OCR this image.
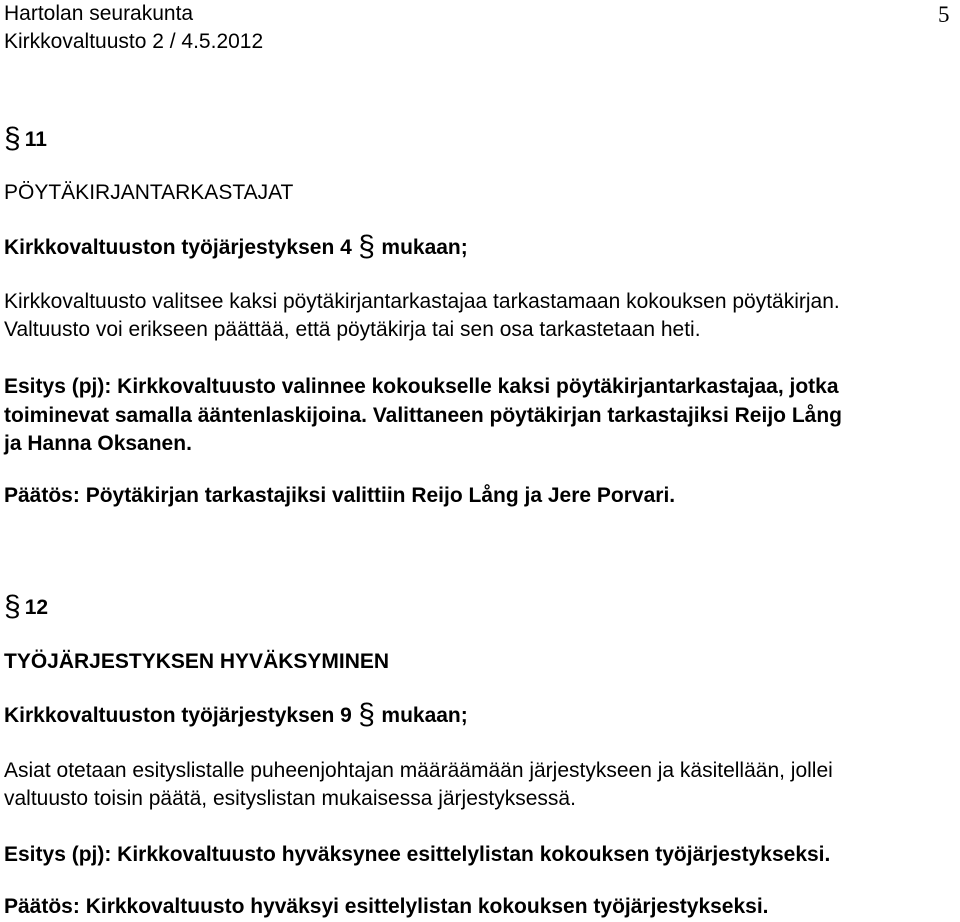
Hartolan seurakunta
Kirkkovaltuusto 2 / 4.5.2012
5
§ 11
PÖYTÄKIRJANTARKASTAJAT
Kirkkovaltuuston työjärjestyksen 4 § mukaan;
Kirkkovaltuusto valitsee kaksi pöytäkirjantarkastajaa tarkastamaan kokouksen pöytäkirjan.
Valtuusto voi erikseen päättää, että pöytäkirja tai sen osa tarkastetaan heti.
Esitys (pj): Kirkkovaltuusto valinnee kokoukselle kaksi pöytäkirjantarkastajaa, jotka
toiminevat samalla ääntenlaskijoina. Valittaneen pöytäkirjan tarkastajiksi Reijo Lång
ja Hanna Oksanen.
Päätös: Pöytäkirjan tarkastajiksi valittiin Reijo Lång ja Jere Porvari.
§ 12
TYÖJÄRJESTYKSEN HYVÄKSYMINEN
Kirkkovaltuuston työjärjestyksen 9 § mukaan;
Asiat otetaan esityslistalle puheenjohtajan määräämään järjestykseen ja käsitellään, jollei
valtuusto toisin päätä, esityslistan mukaisessa järjestyksessä.
Esitys (pj): Kirkkovaltuusto hyväksynee esittelylistan kokouksen työjärjestykseksi.
Päätös: Kirkkovaltuusto hyväksyi esittelylistan kokouksen työjärjestykseksi.
